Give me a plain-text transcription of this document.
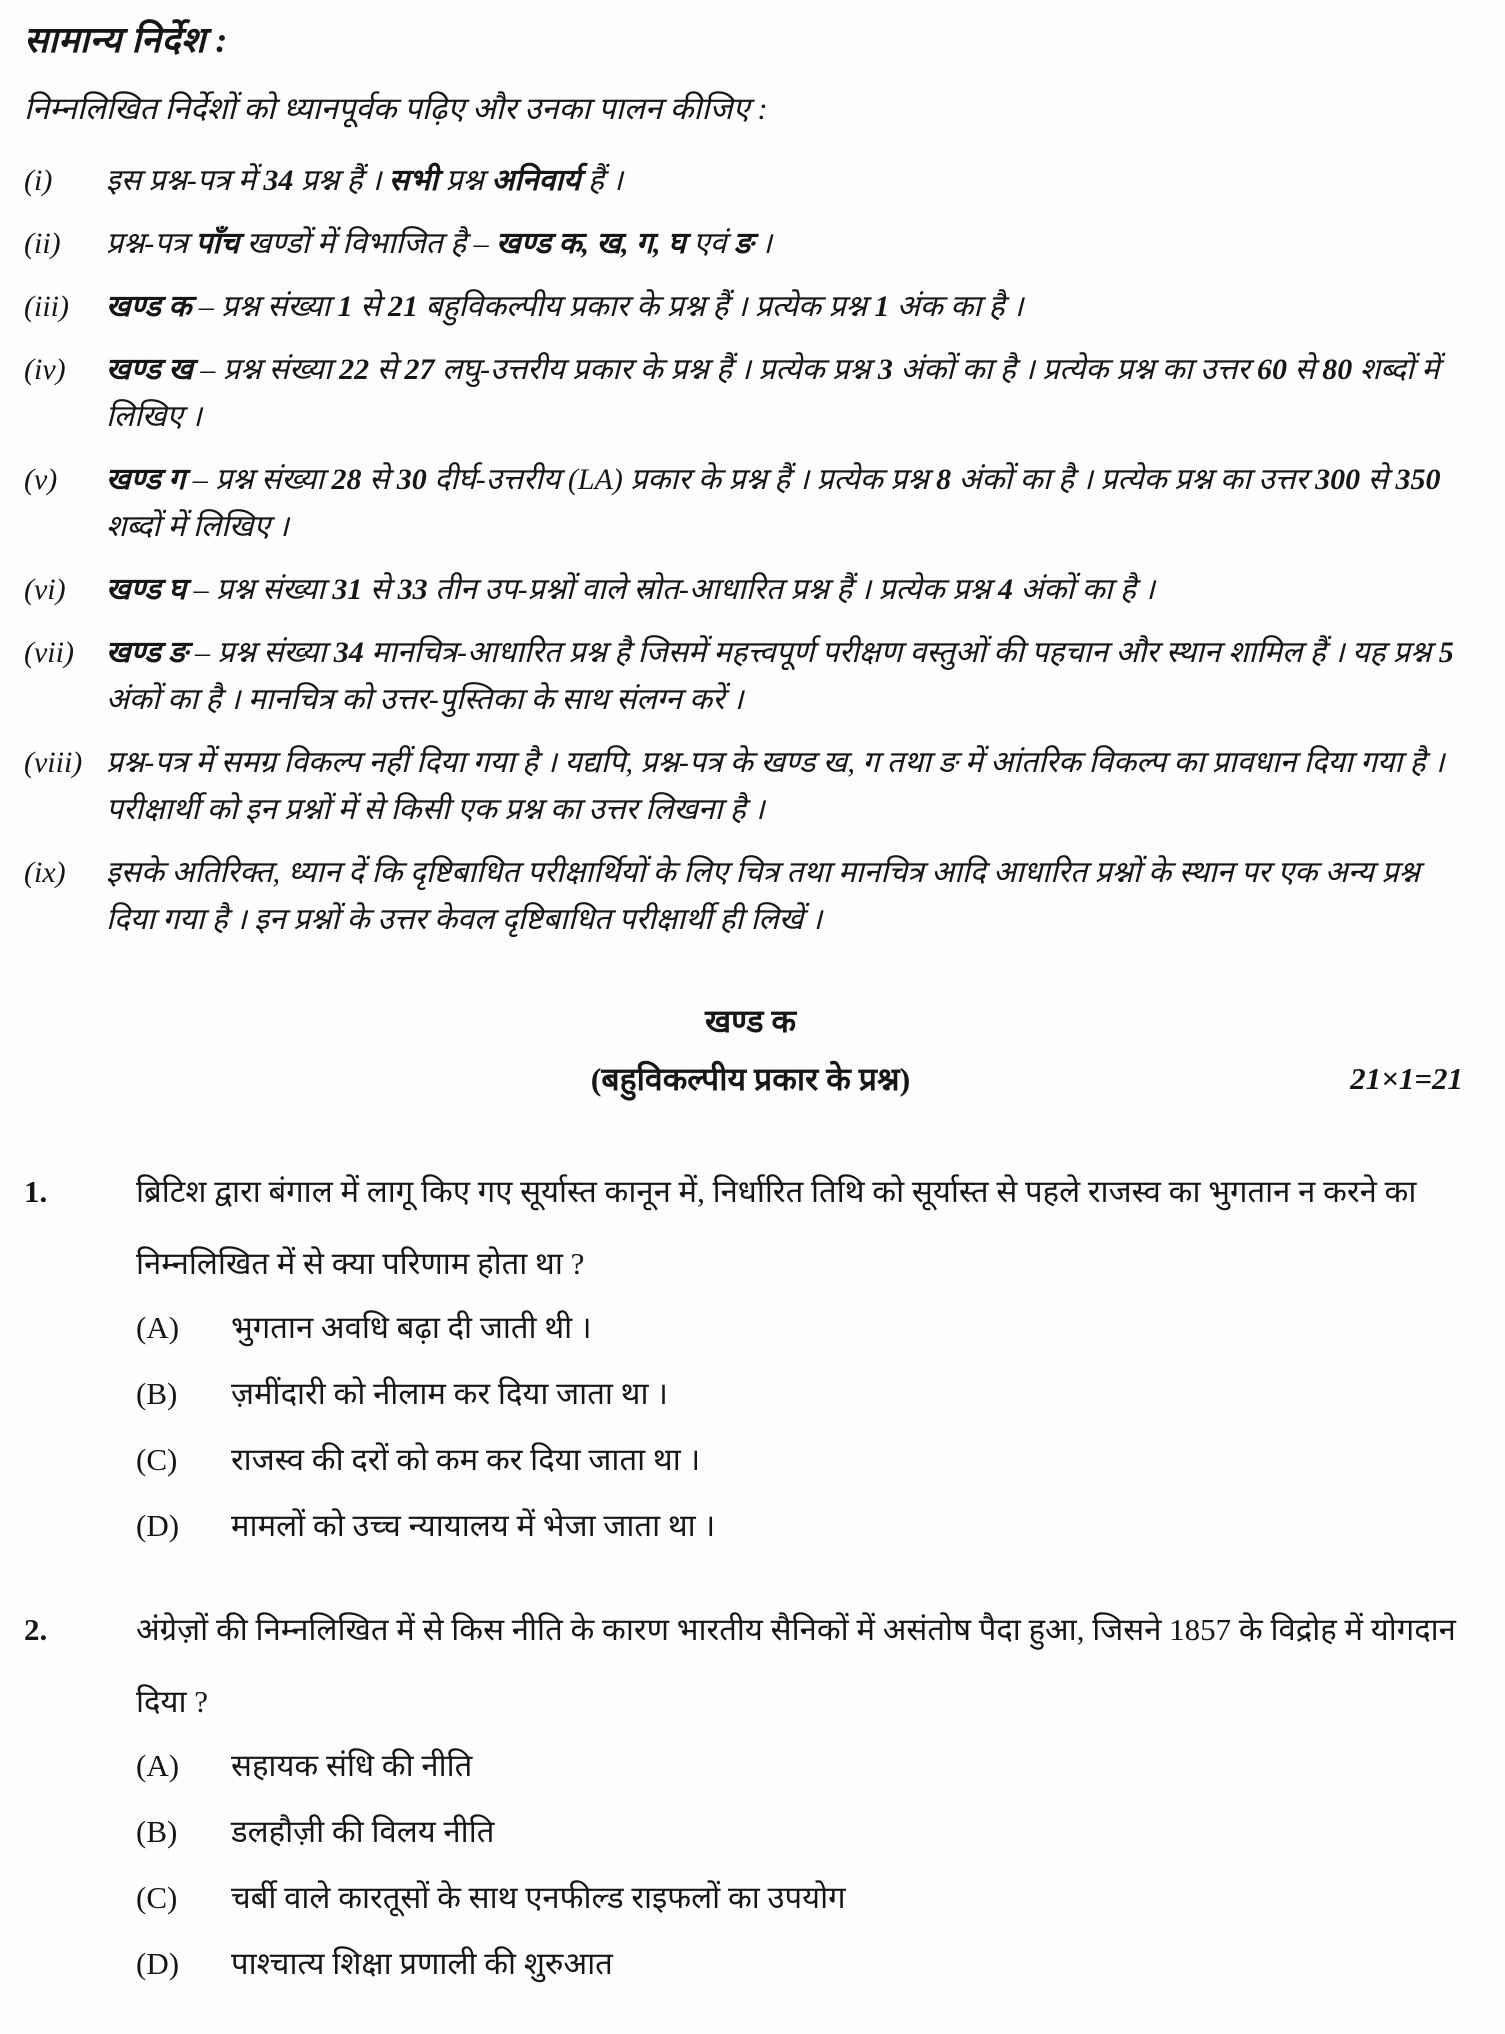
सामान्य निर्देश :
निम्नलिखित निर्देशों को ध्यानपूर्वक पढ़िए और उनका पालन कीजिए :
(i)	इस प्रश्न-पत्र में 34 प्रश्न हैं । सभी प्रश्न अनिवार्य हैं ।
(ii)	प्रश्न-पत्र पाँच खण्डों में विभाजित है – खण्ड क, ख, ग, घ एवं ङ ।
(iii)	खण्ड क – प्रश्न संख्या 1 से 21 बहुविकल्पीय प्रकार के प्रश्न हैं । प्रत्येक प्रश्न 1 अंक का है ।
(iv)	खण्ड ख – प्रश्न संख्या 22 से 27 लघु-उत्तरीय प्रकार के प्रश्न हैं । प्रत्येक प्रश्न 3 अंकों का है । प्रत्येक प्रश्न का उत्तर 60 से 80 शब्दों में लिखिए ।
(v)	खण्ड ग – प्रश्न संख्या 28 से 30 दीर्घ-उत्तरीय (LA) प्रकार के प्रश्न हैं । प्रत्येक प्रश्न 8 अंकों का है । प्रत्येक प्रश्न का उत्तर 300 से 350 शब्दों में लिखिए ।
(vi)	खण्ड घ – प्रश्न संख्या 31 से 33 तीन उप-प्रश्नों वाले स्रोत-आधारित प्रश्न हैं । प्रत्येक प्रश्न 4 अंकों का है ।
(vii)	खण्ड ङ – प्रश्न संख्या 34 मानचित्र-आधारित प्रश्न है जिसमें महत्त्वपूर्ण परीक्षण वस्तुओं की पहचान और स्थान शामिल हैं । यह प्रश्न 5 अंकों का है । मानचित्र को उत्तर-पुस्तिका के साथ संलग्न करें ।
(viii) प्रश्न-पत्र में समग्र विकल्प नहीं दिया गया है । यद्यपि, प्रश्न-पत्र के खण्ड ख, ग तथा ङ में आंतरिक विकल्प का प्रावधान दिया गया है । परीक्षार्थी को इन प्रश्नों में से किसी एक प्रश्न का उत्तर लिखना है ।
(ix)	इसके अतिरिक्त, ध्यान दें कि दृष्टिबाधित परीक्षार्थियों के लिए चित्र तथा मानचित्र आदि आधारित प्रश्नों के स्थान पर एक अन्य प्रश्न दिया गया है । इन प्रश्नों के उत्तर केवल दृष्टिबाधित परीक्षार्थी ही लिखें ।
खण्ड क
(बहुविकल्पीय प्रकार के प्रश्न)	21×1=21
1.	ब्रिटिश द्वारा बंगाल में लागू किए गए सूर्यास्त कानून में, निर्धारित तिथि को सूर्यास्त से पहले राजस्व का भुगतान न करने का निम्नलिखित में से क्या परिणाम होता था ?
(A)	भुगतान अवधि बढ़ा दी जाती थी ।
(B)	ज़मींदारी को नीलाम कर दिया जाता था ।
(C)	राजस्व की दरों को कम कर दिया जाता था ।
(D)	मामलों को उच्च न्यायालय में भेजा जाता था ।
2.	अंग्रेज़ों की निम्नलिखित में से किस नीति के कारण भारतीय सैनिकों में असंतोष पैदा हुआ, जिसने 1857 के विद्रोह में योगदान दिया ?
(A)	सहायक संधि की नीति
(B)	डलहौज़ी की विलय नीति
(C)	चर्बी वाले कारतूसों के साथ एनफील्ड राइफलों का उपयोग
(D)	पाश्चात्य शिक्षा प्रणाली की शुरुआत
